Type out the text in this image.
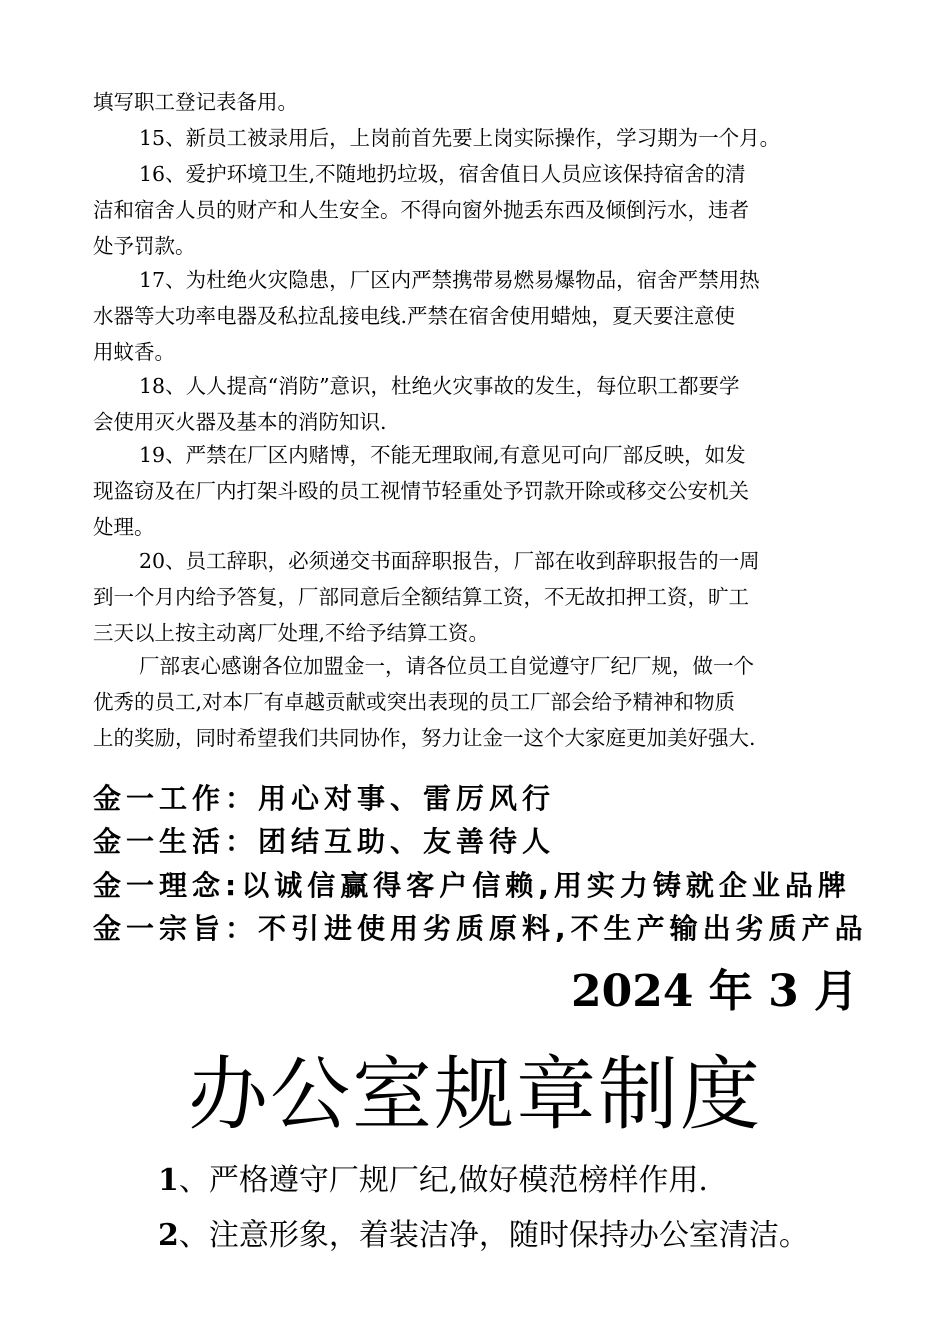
填写职工登记表备用。
15、新员工被录用后，上岗前首先要上岗实际操作，学习期为一个月。
16、爱护环境卫生,不随地扔垃圾，宿舍值日人员应该保持宿舍的清
洁和宿舍人员的财产和人生安全。不得向窗外抛丢东西及倾倒污水，违者
处予罚款。
17、为杜绝火灾隐患，厂区内严禁携带易燃易爆物品，宿舍严禁用热
水器等大功率电器及私拉乱接电线.严禁在宿舍使用蜡烛，夏天要注意使
用蚊香。
18、人人提高“消防”意识，杜绝火灾事故的发生，每位职工都要学
会使用灭火器及基本的消防知识.
19、严禁在厂区内赌博，不能无理取闹,有意见可向厂部反映，如发
现盗窃及在厂内打架斗殴的员工视情节轻重处予罚款开除或移交公安机关
处理。
20、员工辞职，必须递交书面辞职报告，厂部在收到辞职报告的一周
到一个月内给予答复，厂部同意后全额结算工资，不无故扣押工资，旷工
三天以上按主动离厂处理,不给予结算工资。
厂部衷心感谢各位加盟金一，请各位员工自觉遵守厂纪厂规，做一个
优秀的员工,对本厂有卓越贡献或突出表现的员工厂部会给予精神和物质
上的奖励，同时希望我们共同协作，努力让金一这个大家庭更加美好强大.
金一工作：用心对事、雷厉风行
金一生活：团结互助、友善待人
金一理念:以诚信赢得客户信赖,用实力铸就企业品牌
金一宗旨：不引进使用劣质原料,不生产输出劣质产品
2024 年 3 月
办公室规章制度
1、严格遵守厂规厂纪,做好模范榜样作用.
2、注意形象，着装洁净，随时保持办公室清洁。
